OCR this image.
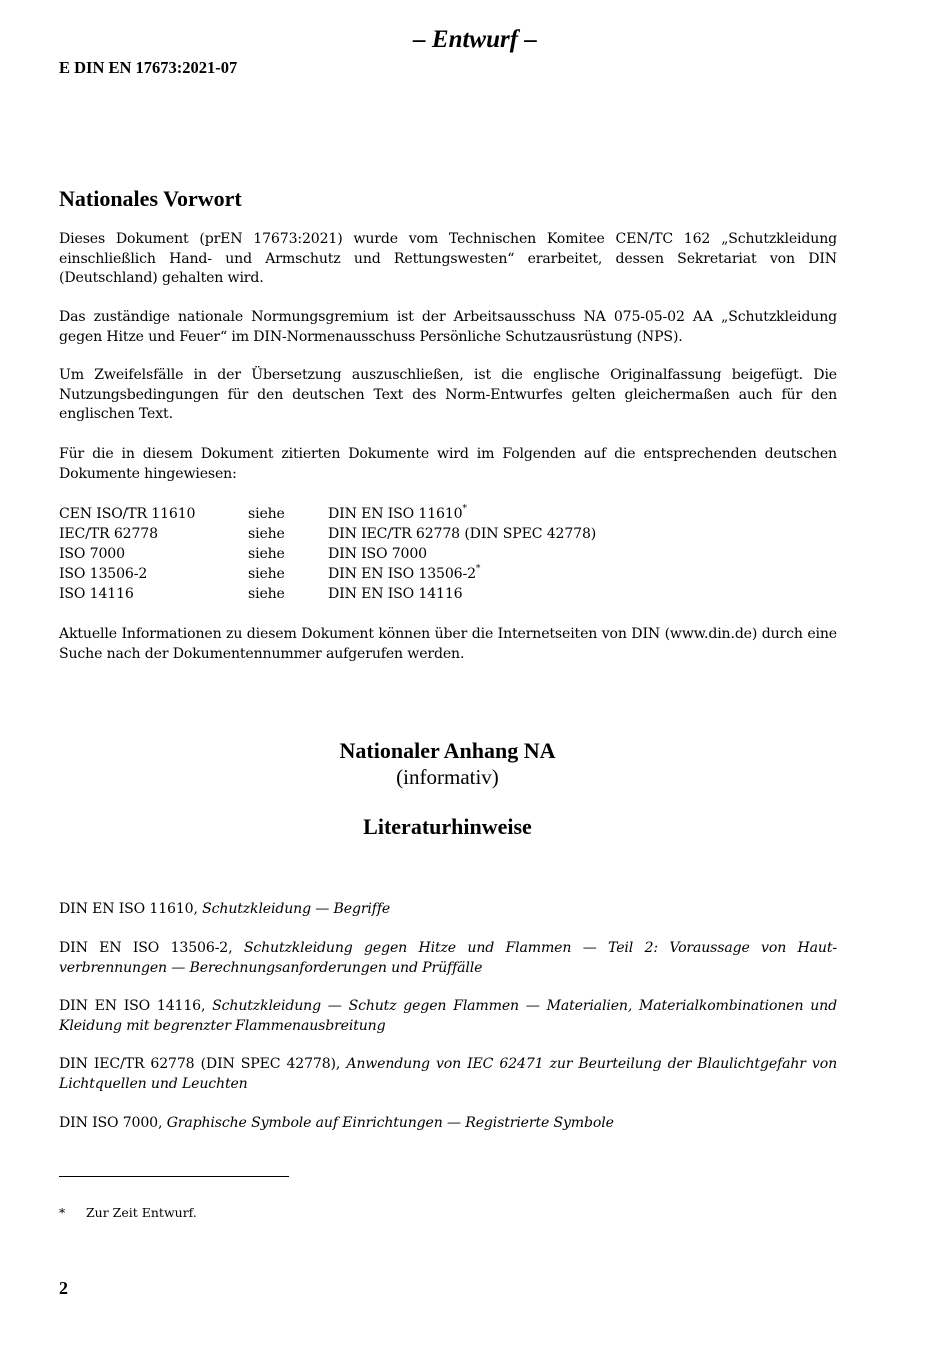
– Entwurf –
E DIN EN 17673:2021-07
Nationales Vorwort

Dieses Dokument (prEN 17673:2021) wurde vom Technischen Komitee CEN/TC 162 „Schutzkleidung einschließlich Hand- und Armschutz und Rettungswesten“ erarbeitet, dessen Sekretariat von DIN (Deutschland) gehalten wird.

Das zuständige nationale Normungsgremium ist der Arbeitsausschuss NA 075-05-02 AA „Schutzkleidung gegen Hitze und Feuer“ im DIN-Normenausschuss Persönliche Schutzausrüstung (NPS).

Um Zweifelsfälle in der Übersetzung auszuschließen, ist die englische Originalfassung beigefügt. Die Nutzungsbedingungen für den deutschen Text des Norm-Entwurfes gelten gleichermaßen auch für den englischen Text.

Für die in diesem Dokument zitierten Dokumente wird im Folgenden auf die entsprechenden deutschen Dokumente hingewiesen:

CEN ISO/TR 11610	siehe	DIN EN ISO 11610*
IEC/TR 62778	siehe	DIN IEC/TR 62778 (DIN SPEC 42778)
ISO 7000	siehe	DIN ISO 7000
ISO 13506-2	siehe	DIN EN ISO 13506-2*
ISO 14116	siehe	DIN EN ISO 14116

Aktuelle Informationen zu diesem Dokument können über die Internetseiten von DIN (www.din.de) durch eine Suche nach der Dokumentennummer aufgerufen werden.

Nationaler Anhang NA
(informativ)
Literaturhinweise

DIN EN ISO 11610, Schutzkleidung — Begriffe

DIN EN ISO 13506-2, Schutzkleidung gegen Hitze und Flammen — Teil 2: Voraussage von Haut-verbrennungen — Berechnungsanforderungen und Prüffälle

DIN EN ISO 14116, Schutzkleidung — Schutz gegen Flammen — Materialien, Materialkombinationen und Kleidung mit begrenzter Flammenausbreitung

DIN IEC/TR 62778 (DIN SPEC 42778), Anwendung von IEC 62471 zur Beurteilung der Blaulichtgefahr von Lichtquellen und Leuchten

DIN ISO 7000, Graphische Symbole auf Einrichtungen — Registrierte Symbole

* Zur Zeit Entwurf.
2
